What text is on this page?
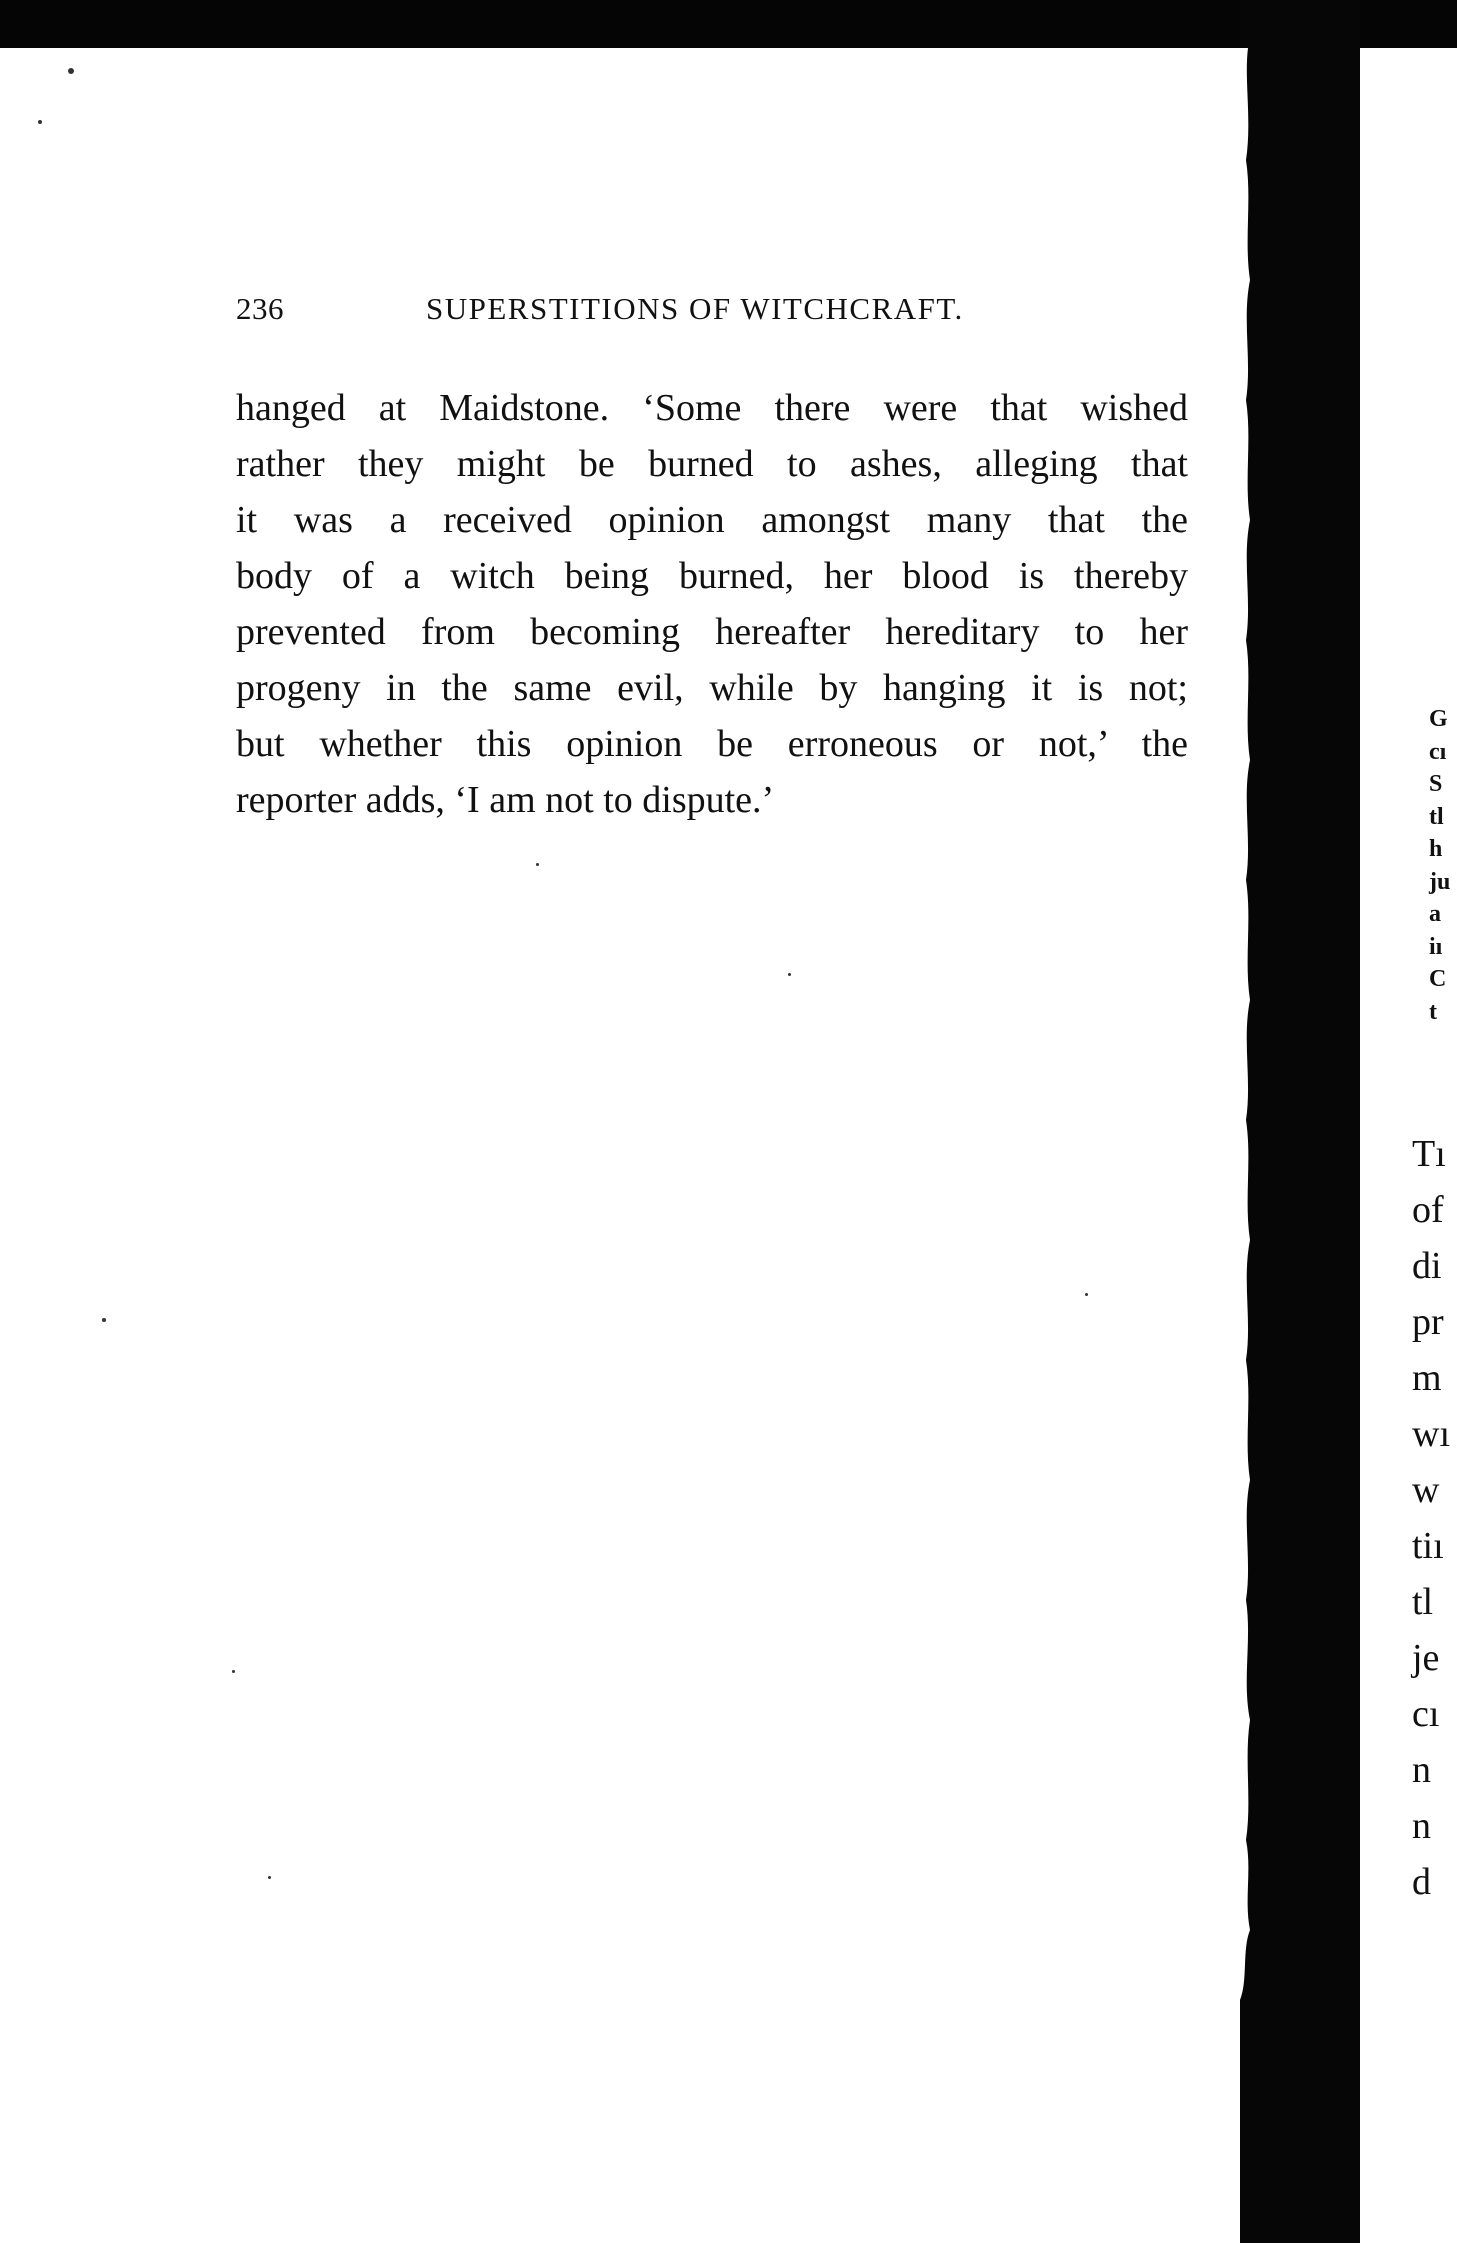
236	SUPERSTITIONS OF WITCHCRAFT.
hanged at Maidstone. ‘Some there were that wished
rather they might be burned to ashes, alleging that
it was a received opinion amongst many that the
body of a witch being burned, her blood is thereby
prevented from becoming hereafter hereditary to her
progeny in the same evil, while by hanging it is not;
but whether this opinion be erroneous or not,’ the
reporter adds, ‘I am not to dispute.’
G
cı
S
tl
h
ju
a
iı
C
t
Tı
of
di
pr
m
wı
w
tiı
tl
je
cı
n
n
d
